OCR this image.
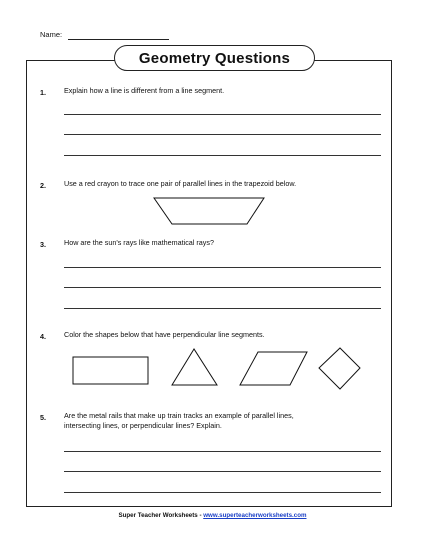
Name:
Geometry Questions
1.	Explain how a line is different from a line segment.
2.	Use a red crayon to trace one pair of parallel lines in the trapezoid below.
3.	How are the sun's rays like mathematical rays?
4.	Color the shapes below that have perpendicular line segments.
5.	Are the metal rails that make up train tracks an example of parallel lines,
intersecting lines, or perpendicular lines? Explain.
Super Teacher Worksheets - www.superteacherworksheets.com
